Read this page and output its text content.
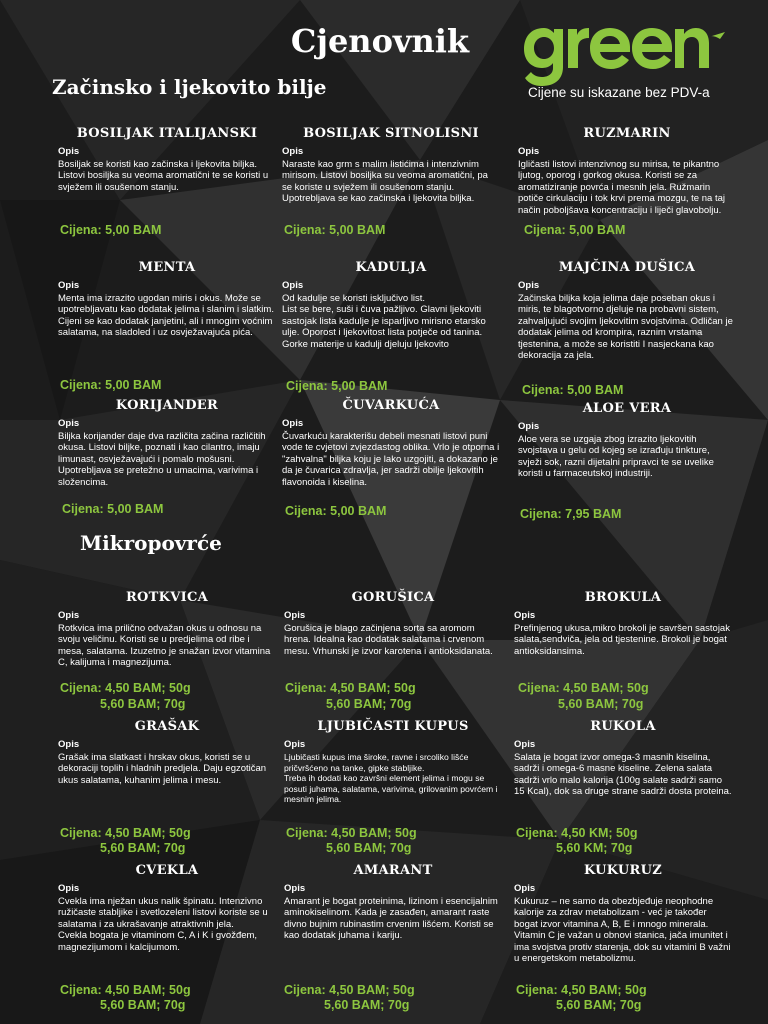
Cjenovnik
Cijene su iskazane bez PDV-a
Začinsko i ljekovito bilje
Mikropovrće
BOSILJAK ITALIJANSKI
Opis
Bosiljak se koristi kao začinska i ljekovita biljka.
Listovi bosiljka su veoma aromatični te se koristi u svježem ili osušenom stanju.
Cijena: 5,00 BAM
BOSILJAK SITNOLISNI
Opis
Naraste kao grm s malim listićima i intenzivnim mirisom. Listovi bosiljka su veoma aromatični, pa se koriste u svježem ili osušenom stanju. Upotrebljava se kao začinska i ljekovita biljka.
Cijena: 5,00 BAM
RUZMARIN
Opis
Igličasti listovi intenzivnog su mirisa, te pikantno ljutog, oporog i gorkog okusa. Koristi se za aromatiziranje povrća i mesnih jela. Ružmarin potiče cirkulaciju i tok krvi prema mozgu, te na taj način poboljšava koncentraciju i liječi glavobolju.
Cijena: 5,00 BAM
MENTA
Opis
Menta ima izrazito ugodan miris i okus. Može se upotrebljavatu kao dodatak jelima i slanim i slatkim. Cijeni se kao dodatak janjetini, ali i mnogim voćnim salatama, na sladoled i uz osvježavajuća pića.
Cijena: 5,00 BAM
KADULJA
Opis
Od kadulje se koristi isključivo list.
List se bere, suši i čuva pažljivo. Glavni ljekoviti sastojak lista kadulje je isparljivo mirisno etarsko ulje. Oporost i ljekovitost lista potječe od tanina. Gorke materije u kadulji djeluju ljekovito
Cijena: 5,00 BAM
MAJČINA DUŠICA
Opis
Začinska biljka koja jelima daje poseban okus i miris, te blagotvorno djeluje na probavni sistem, zahvaljujući svojim ljekovitim svojstvima. Odličan je dodatak jelima od krompira, raznim vrstama tjestenina, a može se koristiti I nasjeckana kao dekoracija za jela.
Cijena: 5,00 BAM
KORIJANDER
Opis
Biljka korijander daje dva različita začina različitih okusa. Listovi biljke, poznati i kao cilantro, imaju limunast, osvježavajući i pomalo mošusni. Upotrebljava se pretežno u umacima, varivima i složencima.
Cijena: 5,00 BAM
ČUVARKUĆA
Opis
Čuvarkuću karakterišu debeli mesnati listovi puni vode te cvjetovi zvjezdastog oblika. Vrlo je otporna i "zahvalna" biljka koju je lako uzgojiti, a dokazano je da je čuvarica zdravlja, jer sadrži obilje ljekovitih flavonoida i kiselina.
Cijena: 5,00 BAM
ALOE VERA
Opis
Aloe vera se uzgaja zbog izrazito ljekovitih svojstava u gelu od kojeg se izrađuju tinkture, svježi sok, razni dijetalni pripravci te se uvelike koristi u farmaceutskoj industriji.
Cijena: 7,95 BAM
ROTKVICA
Opis
Rotkvica ima prilično odvažan okus u odnosu na svoju veličinu. Koristi se u predjelima od ribe i mesa, salatama. Izuzetno je snažan izvor vitamina C, kalijuma i magnezijuma.
Cijena: 4,50 BAM; 50g
5,60 BAM; 70g
GORUŠICA
Opis
Gorušica je blago začinjena sorta sa aromom hrena. Idealna kao dodatak salatama i crvenom mesu. Vrhunski je izvor karotena i antioksidanata.
Cijena: 4,50 BAM; 50g
5,60 BAM; 70g
BROKULA
Opis
Prefinjenog ukusa,mikro brokoli je savršen sastojak salata,sendviča, jela od tjestenine. Brokoli je bogat antioksidansima.
Cijena: 4,50 BAM; 50g
5,60 BAM; 70g
GRAŠAK
Opis
Grašak ima slatkast i hrskav okus, koristi se u dekoraciji toplih i hladnih predjela. Daju egzotičan ukus salatama, kuhanim jelima i mesu.
Cijena: 4,50 BAM; 50g
5,60 BAM; 70g
LJUBIČASTI KUPUS
Opis
Ljubičasti kupus ima široke, ravne i srcoliko lišće pričvršćeno na tanke, gipke stabljike.
Treba ih dodati kao završni element jelima i mogu se posuti juhama, salatama, varivima, grilovanim povrćem i mesnim jelima.
Cijena: 4,50 BAM; 50g
5,60 BAM; 70g
RUKOLA
Opis
Salata je bogat izvor omega-3 masnih kiselina, sadrži i omega-6 masne kiseline. Zelena salata sadrži vrlo malo kalorija (100g salate sadrži samo 15 Kcal), dok sa druge strane sadrži dosta proteina.
Cijena: 4,50 KM; 50g
5,60 KM; 70g
CVEKLA
Opis
Cvekla ima nježan ukus nalik špinatu. Intenzivno ružičaste stabljike i svetlozeleni listovi koriste se u salatama i za ukrašavanje atraktivnih jela.
Cvekla bogata je vitaminom C, A i K i gvožđem, magnezijumom i kalcijumom.
Cijena: 4,50 BAM; 50g
5,60 BAM; 70g
AMARANT
Opis
Amarant je bogat proteinima, lizinom i esencijalnim aminokiselinom. Kada je zasađen, amarant raste divno bujnim rubinastim crvenim lišćem. Koristi se kao dodatak juhama i kariju.
Cijena: 4,50 BAM; 50g
5,60 BAM; 70g
KUKURUZ
Opis
Kukuruz – ne samo da obezbjeđuje neophodne kalorije za zdrav metabolizam - već je također bogat izvor vitamina A, B, E i mnogo minerala. Vitamin C je važan u obnovi stanica, jača imunitet i ima svojstva protiv starenja, dok su vitamini B važni u energetskom metabolizmu.
Cijena: 4,50 BAM; 50g
5,60 BAM; 70g
